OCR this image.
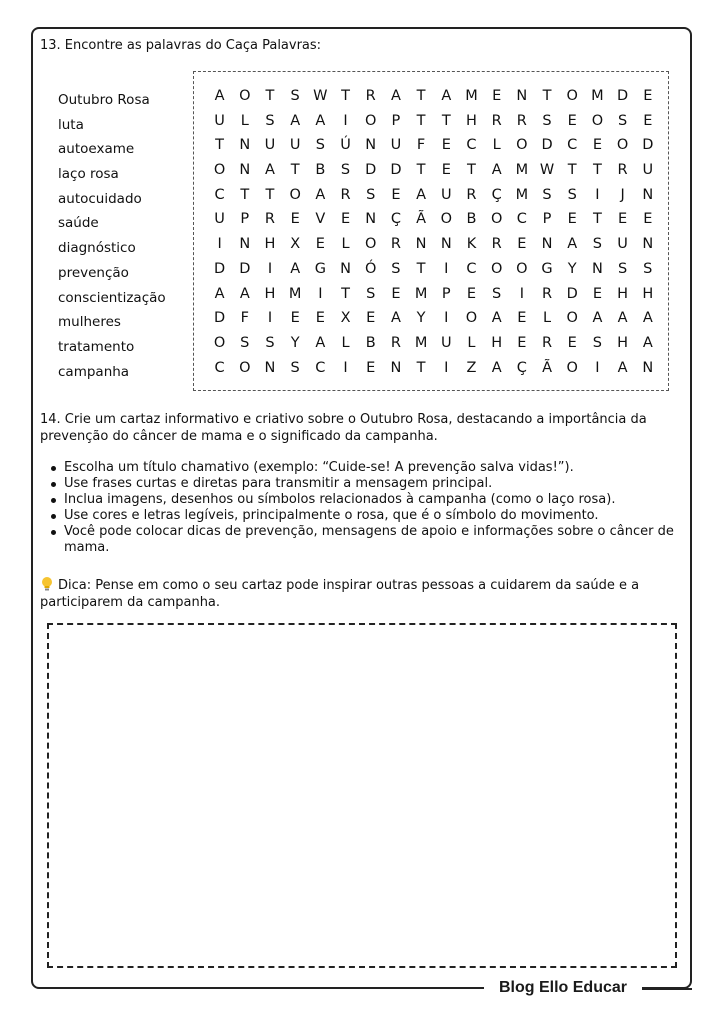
13. Encontre as palavras do Caça Palavras:
Outubro Rosa
luta
autoexame
laço rosa
autocuidado
saúde
diagnóstico
prevenção
conscientização
mulheres
tratamento
campanha
A	O	T	S W T	R	A	T	A M E	N	T	O M D	E
U	L	S	A	A	I	O	P	T	T	H	R	R	S	E	O	S	E
T	N U	U	S	Ú N U	F	E	C	L	O D	C	E	O D
O N	A	T	B	S	D D	T	E	T	A M W T	T	R	U
C	T	T	O	A	R	S	E	A	U	R	Ç M S	S	I	J	N
U	P	R	E	V	E	N	Ç	Ã	O	B	O C	P	E	T	E	E
I	N H	X	E	L	O R	N N	K	R	E	N	A	S	U N
D D	I	A	G N Ó	S	T	I	C O O G	Y	N	S	S
A	A	H M	I	T	S	E M	P	E	S	I	R	D	E	H H
D	F	I	E	E	X	E	A	Y	I	O	A	E	L	O	A	A	A
O	S	S	Y	A	L	B	R M U	L	H	E	R	E	S	H	A
C O N	S	C	I	E	N	T	I	Z	A	Ç	Ã	O	I	A	N
14. Crie um cartaz informativo e criativo sobre o Outubro Rosa, destacando a importância da prevenção do câncer de mama e o significado da campanha.
Escolha um título chamativo (exemplo: “Cuide-se! A prevenção salva vidas!”).
Use frases curtas e diretas para transmitir a mensagem principal.
Inclua imagens, desenhos ou símbolos relacionados à campanha (como o laço rosa).
Use cores e letras legíveis, principalmente o rosa, que é o símbolo do movimento.
Você pode colocar dicas de prevenção, mensagens de apoio e informações sobre o câncer de mama.
Dica: Pense em como o seu cartaz pode inspirar outras pessoas a cuidarem da saúde e a participarem da campanha.
Blog Ello Educar
